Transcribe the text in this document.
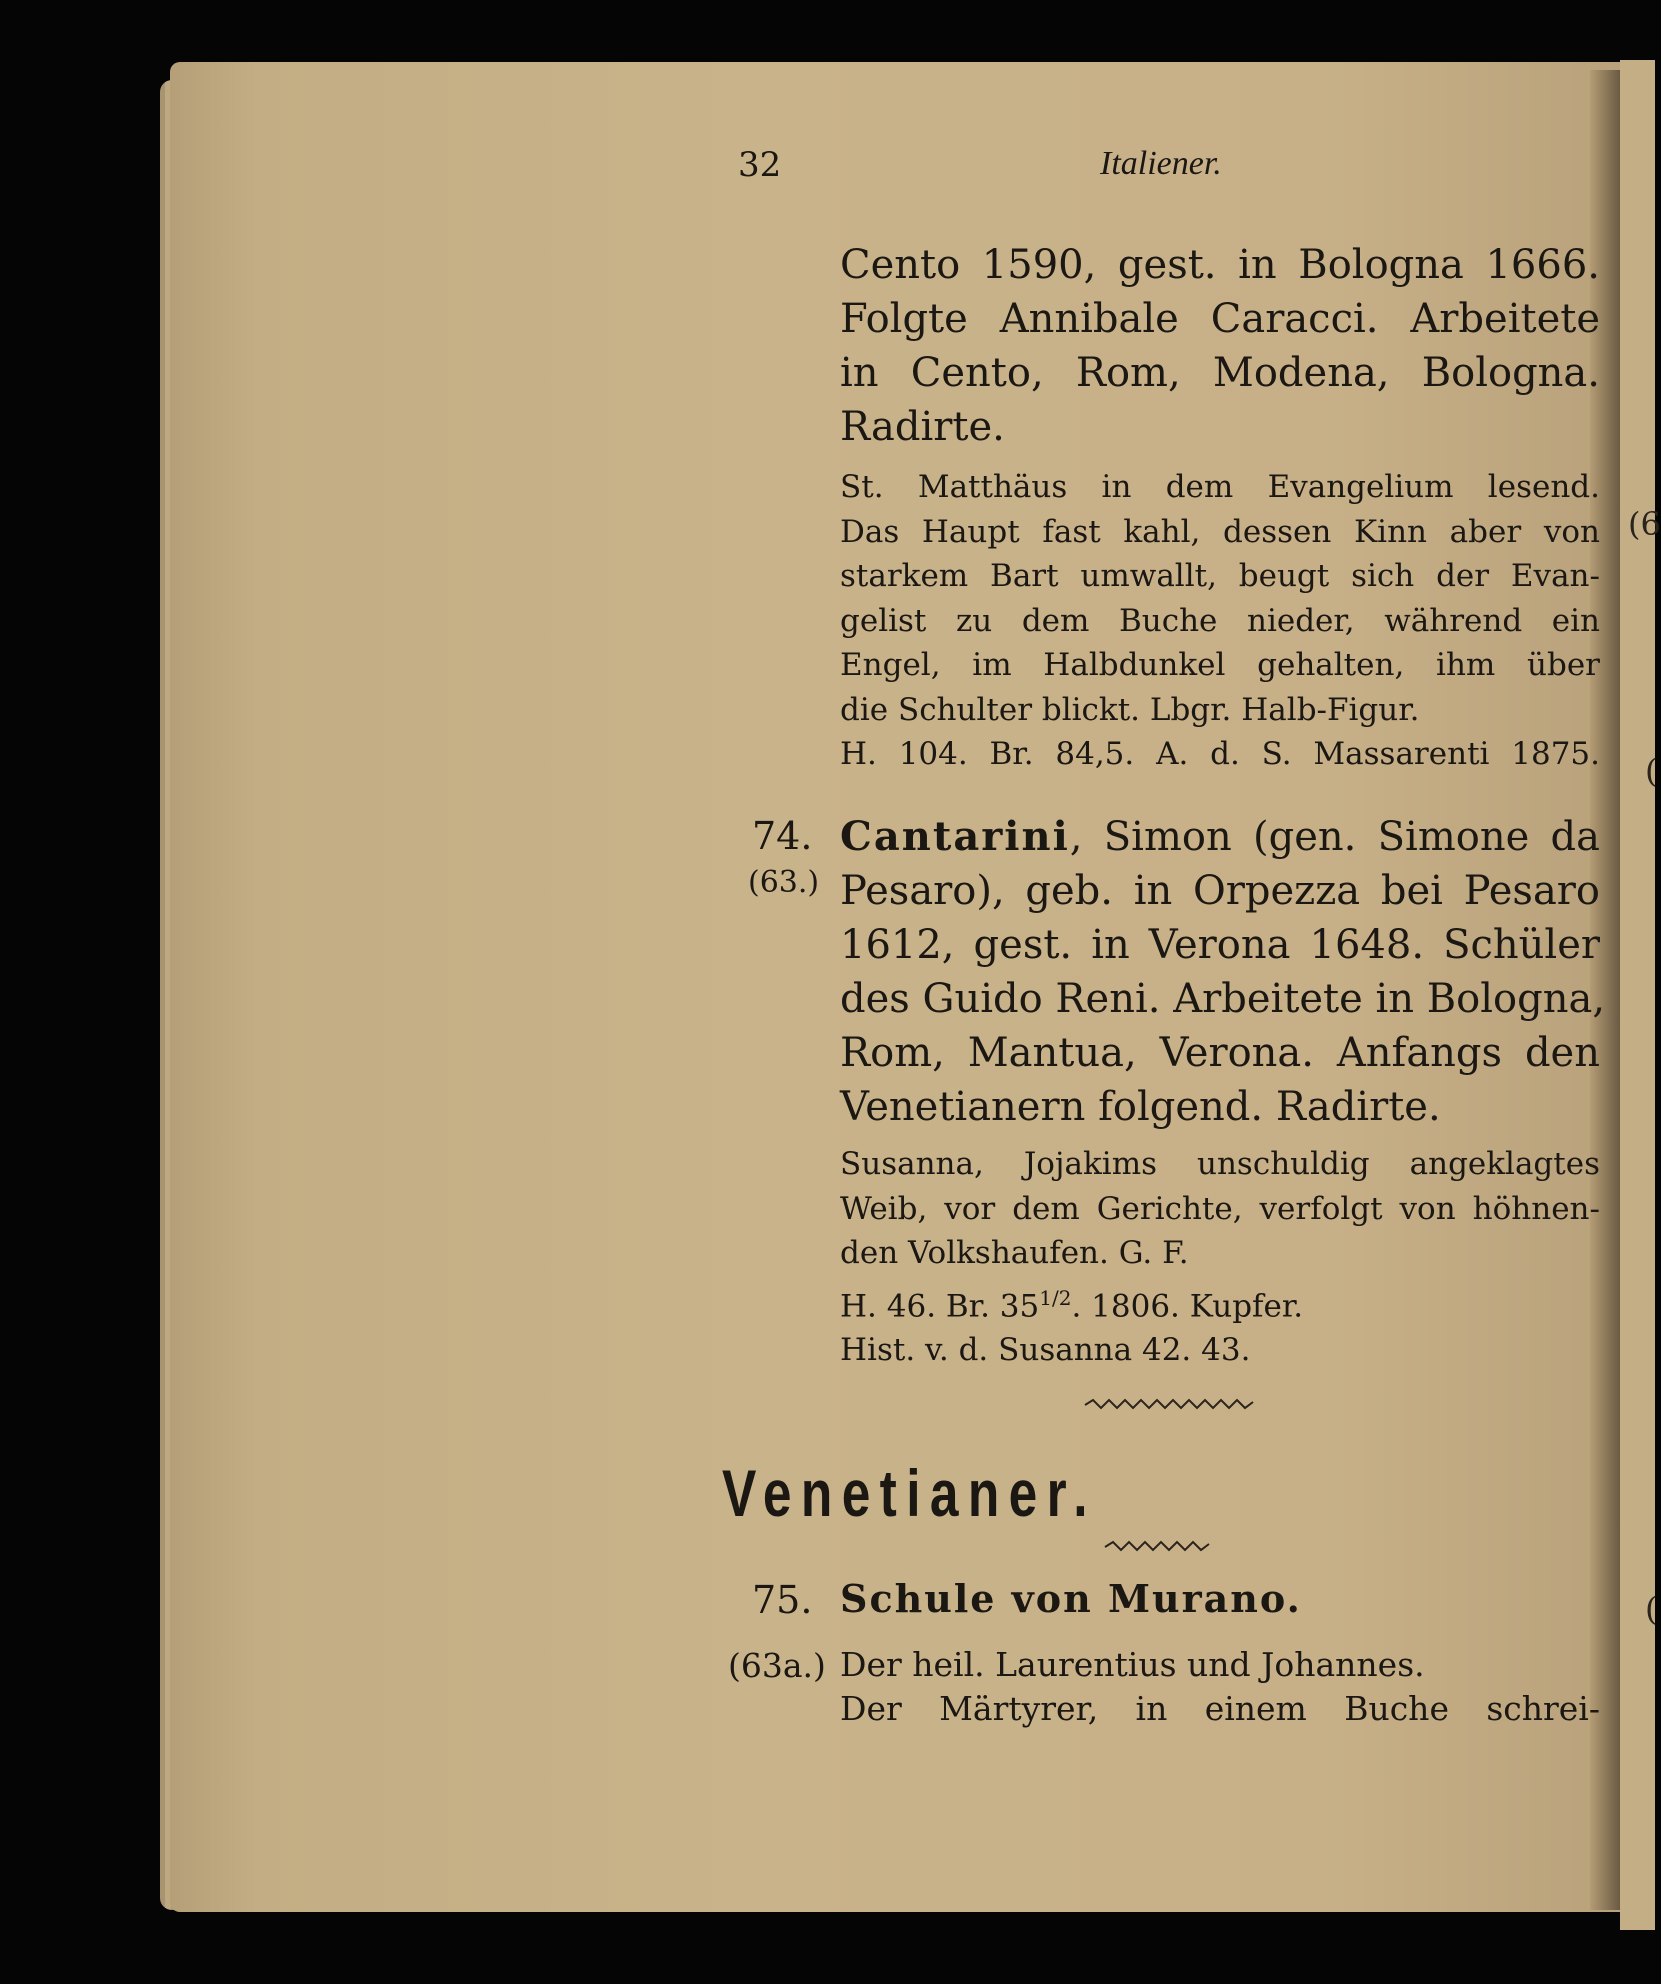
32	Italiener.
Cento 1590, gest. in Bologna 1666.
Folgte Annibale Caracci. Arbeitete
in Cento, Rom, Modena, Bologna.
Radirte.
St. Matthäus in dem Evangelium lesend.
Das Haupt fast kahl, dessen Kinn aber von
starkem Bart umwallt, beugt sich der Evan-
gelist zu dem Buche nieder, während ein
Engel, im Halbdunkel gehalten, ihm über
die Schulter blickt. Lbgr. Halb-Figur.
H. 104. Br. 84,5. A. d. S. Massarenti 1875.
74.
(63.)
Cantarini, Simon (gen. Simone da
Pesaro), geb. in Orpezza bei Pesaro
1612, gest. in Verona 1648. Schüler
des Guido Reni. Arbeitete in Bologna,
Rom, Mantua, Verona. Anfangs den
Venetianern folgend. Radirte.
Susanna, Jojakims unschuldig angeklagtes
Weib, vor dem Gerichte, verfolgt von höhnen-
den Volkshaufen. G. F.
H. 46. Br. $35^{1/2}$. 1806. Kupfer.
Hist. v. d. Susanna 42. 43.
Venetianer.
75. Schule von Murano.
(63a.) Der heil. Laurentius und Johannes.
Der Märtyrer, in einem Buche schrei-
(6
(
(
